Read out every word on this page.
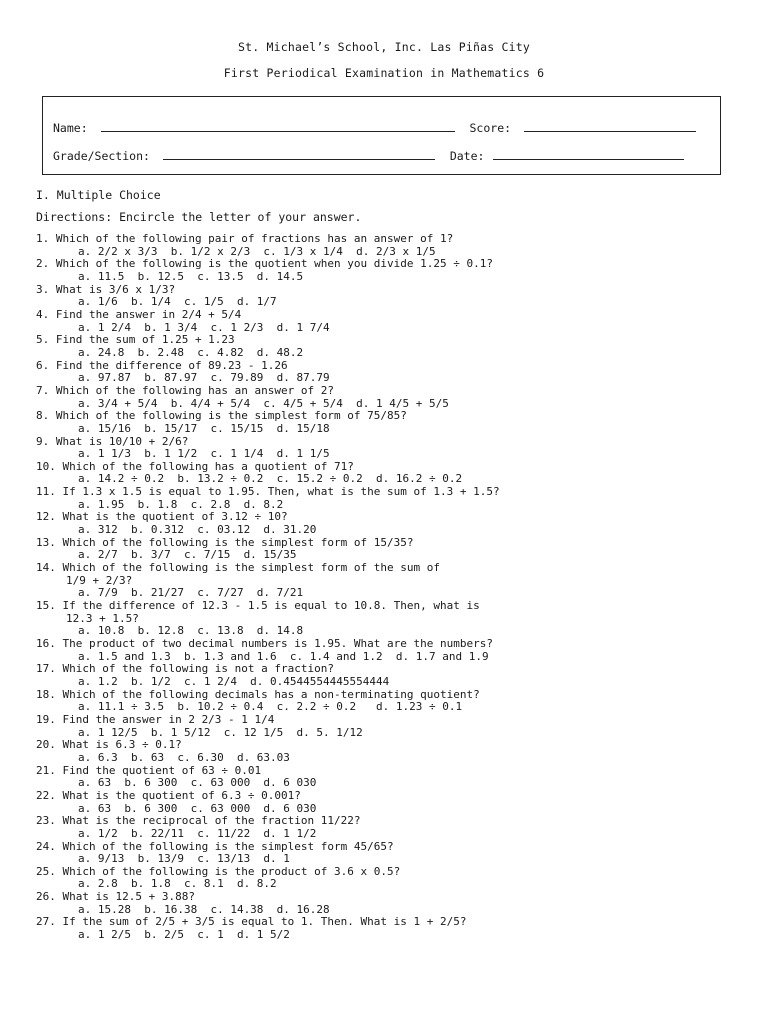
St. Michael’s School, Inc. Las Piñas City
First Periodical Examination in Mathematics 6
Name:	Score:
Grade/Section:	Date:
I. Multiple Choice
Directions: Encircle the letter of your answer.
1. Which of the following pair of fractions has an answer of 1?
a. 2/2 x 3/3  b. 1/2 x 2/3  c. 1/3 x 1/4  d. 2/3 x 1/5
2. Which of the following is the quotient when you divide 1.25 ÷ 0.1?
a. 11.5  b. 12.5  c. 13.5  d. 14.5
3. What is 3/6 x 1/3?
a. 1/6  b. 1/4  c. 1/5  d. 1/7
4. Find the answer in 2/4 + 5/4
a. 1 2/4  b. 1 3/4  c. 1 2/3  d. 1 7/4
5. Find the sum of 1.25 + 1.23
a. 24.8  b. 2.48  c. 4.82  d. 48.2
6. Find the difference of 89.23 - 1.26
a. 97.87  b. 87.97  c. 79.89  d. 87.79
7. Which of the following has an answer of 2?
a. 3/4 + 5/4  b. 4/4 + 5/4  c. 4/5 + 5/4  d. 1 4/5 + 5/5
8. Which of the following is the simplest form of 75/85?
a. 15/16  b. 15/17  c. 15/15  d. 15/18
9. What is 10/10 + 2/6?
a. 1 1/3  b. 1 1/2  c. 1 1/4  d. 1 1/5
10. Which of the following has a quotient of 71?
a. 14.2 ÷ 0.2  b. 13.2 ÷ 0.2  c. 15.2 ÷ 0.2  d. 16.2 ÷ 0.2
11. If 1.3 x 1.5 is equal to 1.95. Then, what is the sum of 1.3 + 1.5?
a. 1.95  b. 1.8  c. 2.8  d. 8.2
12. What is the quotient of 3.12 ÷ 10?
a. 312  b. 0.312  c. 03.12  d. 31.20
13. Which of the following is the simplest form of 15/35?
a. 2/7  b. 3/7  c. 7/15  d. 15/35
14. Which of the following is the simplest form of the sum of
1/9 + 2/3?
a. 7/9  b. 21/27  c. 7/27  d. 7/21
15. If the difference of 12.3 - 1.5 is equal to 10.8. Then, what is
12.3 + 1.5?
a. 10.8  b. 12.8  c. 13.8  d. 14.8
16. The product of two decimal numbers is 1.95. What are the numbers?
a. 1.5 and 1.3  b. 1.3 and 1.6  c. 1.4 and 1.2  d. 1.7 and 1.9
17. Which of the following is not a fraction?
a. 1.2  b. 1/2  c. 1 2/4  d. 0.4544554445554444
18. Which of the following decimals has a non-terminating quotient?
a. 11.1 ÷ 3.5  b. 10.2 ÷ 0.4  c. 2.2 ÷ 0.2   d. 1.23 ÷ 0.1
19. Find the answer in 2 2/3 - 1 1/4
a. 1 12/5  b. 1 5/12  c. 12 1/5  d. 5. 1/12
20. What is 6.3 ÷ 0.1?
a. 6.3  b. 63  c. 6.30  d. 63.03
21. Find the quotient of 63 ÷ 0.01
a. 63  b. 6 300  c. 63 000  d. 6 030
22. What is the quotient of 6.3 ÷ 0.001?
a. 63  b. 6 300  c. 63 000  d. 6 030
23. What is the reciprocal of the fraction 11/22?
a. 1/2  b. 22/11  c. 11/22  d. 1 1/2
24. Which of the following is the simplest form 45/65?
a. 9/13  b. 13/9  c. 13/13  d. 1
25. Which of the following is the product of 3.6 x 0.5?
a. 2.8  b. 1.8  c. 8.1  d. 8.2
26. What is 12.5 + 3.88?
a. 15.28  b. 16.38  c. 14.38  d. 16.28
27. If the sum of 2/5 + 3/5 is equal to 1. Then. What is 1 + 2/5?
a. 1 2/5  b. 2/5  c. 1  d. 1 5/2
